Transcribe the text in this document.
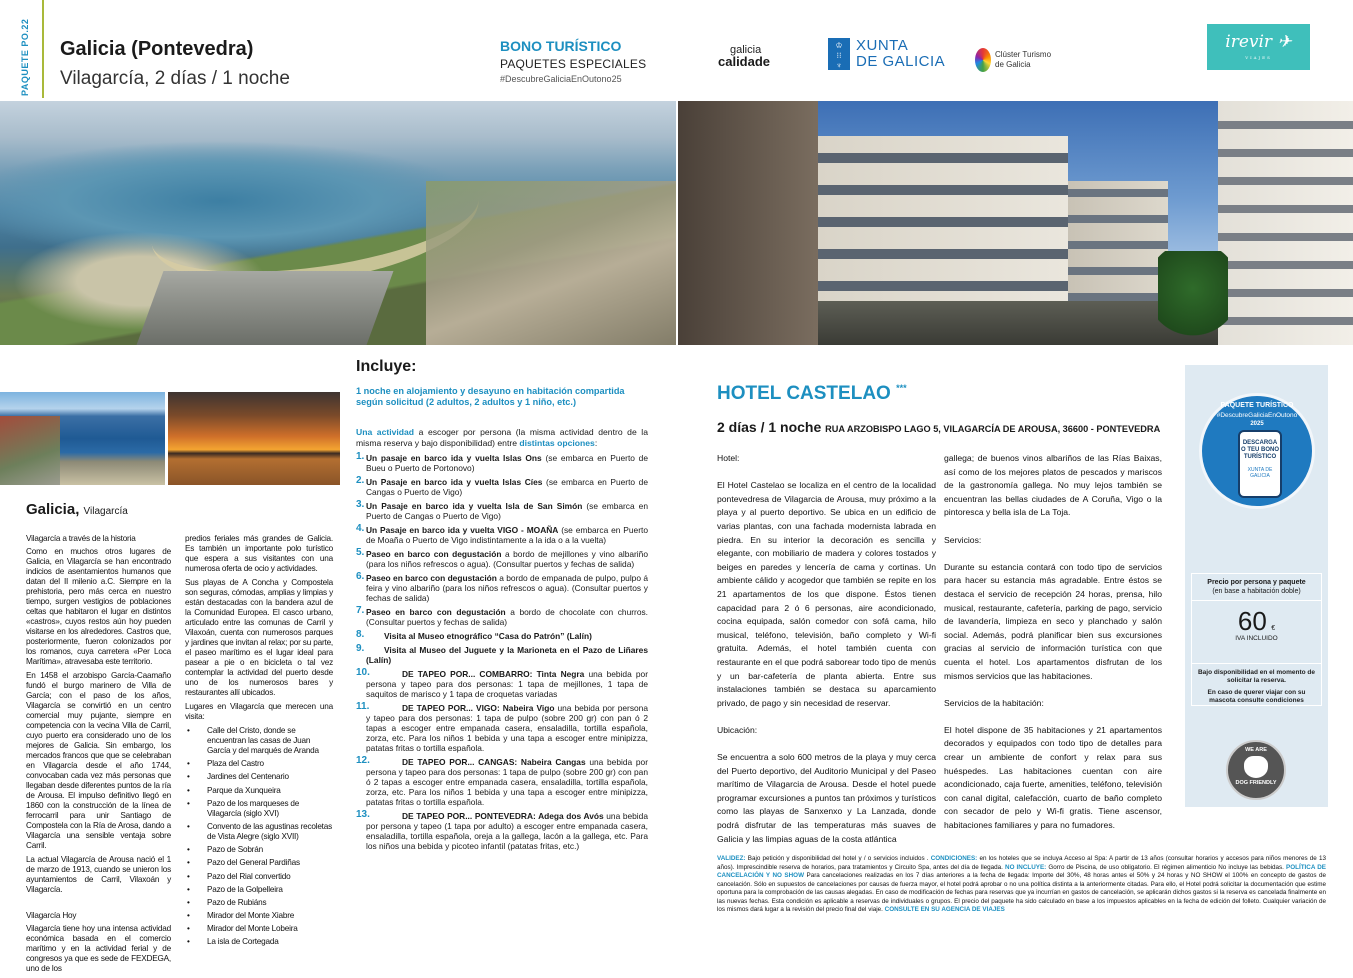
PAQUETE PO.22 Galicia (Pontevedra)
Vilagarcía, 2 días / 1 noche
BONO TURÍSTICO
PAQUETES ESPECIALES
#DescubreGaliciaEnOutono25
galicia
calidade
♔
⁝⁝
♆
XUNTA
DE GALICIA	Clúster Turismo
de Galicia
irevir ✈
VIAJES
Galicia, Vilagarcía

Vilagarcía a través de la historia

Como en muchos otros lugares de Galicia, en Vilagarcía se han encontrado indicios de asentamientos humanos que datan del II milenio a.C. Siempre en la prehistoria, pero más cerca en nuestro tiempo, surgen vestigios de poblaciones celtas que habitaron el lugar en distintos «castros», cuyos restos aún hoy pueden visitarse en los alrededores. Castros que, posteriormente, fueron colonizados por los romanos, cuya carretera «Per Loca Marítima», atravesaba este territorio.

En 1458 el arzobispo García-Caamaño fundó el burgo marinero de Villa de García; con el paso de los años, Vilagarcía se convirtió en un centro comercial muy pujante, siempre en competencia con la vecina Villa de Carril, cuyo puerto era considerado uno de los mejores de Galicia. Sin embargo, los mercados francos que que se celebraban en Vilagarcía desde el año 1744, convocaban cada vez más personas que llegaban desde diferentes puntos de la ría de Arousa. El impulso definitivo llegó en 1860 con la construcción de la línea de ferrocarril para unir Santiago de Compostela con la Ría de Arosa, dando a Vilagarcía una sensible ventaja sobre Carril.

La actual Vilagarcía de Arousa nació el 1 de marzo de 1913, cuando se unieron los ayuntamientos de Carril, Vilaxoán y Vilagarcía.

Vilagarcía Hoy

Vilagarcía tiene hoy una intensa actividad económica basada en el comercio marítimo y en la actividad ferial y de congresos ya que es sede de FEXDEGA, uno de los

predios feriales más grandes de Galicia. Es también un importante polo turístico que espera a sus visitantes con una numerosa oferta de ocio y actividades.

Sus playas de A Concha y Compostela son seguras, cómodas, amplias y limpias y están destacadas con la bandera azul de la Comunidad Europea. El casco urbano, articulado entre las comunas de Carril y Vilaxoán, cuenta con numerosos parques y jardines que invitan al relax; por su parte, el paseo marítimo es el lugar ideal para pasear a pie o en bicicleta o tal vez contemplar la actividad del puerto desde uno de los numerosos bares y restaurantes allí ubicados.

Lugares en Vilagarcía que merecen una visita:

• Calle del Cristo, donde se encuentran las casas de Juan García y del marqués de Aranda
• Plaza del Castro
• Jardines del Centenario
• Parque da Xunqueira
• Pazo de los marqueses de Vilagarcía (siglo XVI)
• Convento de las agustinas recoletas de Vista Alegre (siglo XVII)
• Pazo de Sobrán
• Pazo del General Pardiñas
• Pazo del Rial convertido
• Pazo de la Golpelleira
• Pazo de Rubiáns
• Mirador del Monte Xiabre
• Mirador del Monte Lobeira
• La isla de Cortegada
Incluye:
1 noche en alojamiento y desayuno en habitación compartida según solicitud (2 adultos, 2 adultos y 1 niño, etc.)
Una actividad a escoger por persona (la misma actividad dentro de la misma reserva y bajo disponibilidad) entre distintas opciones:
1. Un pasaje en barco ida y vuelta Islas Ons (se embarca en Puerto de Bueu o Puerto de Portonovo)
2. Un Pasaje en barco ida y vuelta Islas Cíes (se embarca en Puerto de Cangas o Puerto de Vigo)
3. Un Pasaje en barco ida y vuelta Isla de San Simón (se embarca en Puerto de Cangas o Puerto de Vigo)
4. Un Pasaje en barco ida y vuelta VIGO - MOAÑA (se embarca en Puerto de Moaña o Puerto de Vigo indistintamente a la ida o a la vuelta)
5. Paseo en barco con degustación a bordo de mejillones y vino albariño (para los niños refrescos o agua). (Consultar puertos y fechas de salida)
6. Paseo en barco con degustación a bordo de empanada de pulpo, pulpo á feira y vino albariño (para los niños refrescos o agua). (Consultar puertos y fechas de salida)
7. Paseo en barco con degustación a bordo de chocolate con churros. (Consultar puertos y fechas de salida)
8. Visita al Museo etnográfico “Casa do Patrón” (Lalín)
9. Visita al Museo del Juguete y la Marioneta en el Pazo de Liñares (Lalín)
10.	DE TAPEO POR... COMBARRO: Tinta Negra una bebida por persona y tapeo para dos personas: 1 tapa de mejillones, 1 tapa de saquitos de marisco y 1 tapa de croquetas variadas
11.	DE TAPEO POR... VIGO: Nabeira Vigo una bebida por persona y tapeo para dos personas: 1 tapa de pulpo (sobre 200 gr) con pan ó 2 tapas a escoger entre empanada casera, ensaladilla, tortilla española, zorza, etc. Para los niños 1 bebida y una tapa a escoger entre minipizza, patatas fritas o tortilla española.
12.	DE TAPEO POR... CANGAS: Nabeira Cangas una bebida por persona y tapeo para dos personas: 1 tapa de pulpo (sobre 200 gr) con pan ó 2 tapas a escoger entre empanada casera, ensaladilla, tortilla española, zorza, etc. Para los niños 1 bebida y una tapa a escoger entre minipizza, patatas fritas o tortilla española.
13.	DE TAPEO POR... PONTEVEDRA: Adega dos Avós una bebida por persona y tapeo (1 tapa por adulto) a escoger entre empanada casera, ensaladilla, tortilla española, oreja a la gallega, lacón a la gallega, etc. Para los niños una bebida y picoteo infantil (patatas fritas, etc.)
HOTEL CASTELAO ***
2 días / 1 noche RUA ARZOBISPO LAGO 5, VILAGARCÍA DE AROUSA, 36600 - PONTEVEDRA

Hotel:

El Hotel Castelao se localiza en el centro de la localidad pontevedresa de Vilagarcia de Arousa, muy próximo a la playa y al puerto deportivo. Se ubica en un edificio de varias plantas, con una fachada modernista labrada en piedra. En su interior la decoración es sencilla y elegante, con mobiliario de madera y colores tostados y beiges en paredes y lencería de cama y cortinas. Un ambiente cálido y acogedor que también se repite en los 21 apartamentos de los que dispone. Éstos tienen capacidad para 2 ó 6 personas, aire acondicionado, cocina equipada, salón comedor con sofá cama, hilo musical, teléfono, televisión, baño completo y Wi-fi gratuita. Además, el hotel también cuenta con restaurante en el que podrá saborear todo tipo de menús y un bar-cafetería de planta abierta. Entre sus instalaciones también se destaca su aparcamiento privado, de pago y sin necesidad de reservar.

Ubicación:

Se encuentra a solo 600 metros de la playa y muy cerca del Puerto deportivo, del Auditorio Municipal y del Paseo marítimo de Vilagarcia de Arousa. Desde el hotel puede programar excursiones a puntos tan próximos y turísticos como las playas de Sanxenxo y La Lanzada, donde podrá disfrutar de las temperaturas más suaves de Galicia y las limpias aguas de la costa atlántica

gallega; de buenos vinos albariños de las Rías Baixas, así como de los mejores platos de pescados y mariscos de la gastronomía gallega. No muy lejos también se encuentran las bellas ciudades de A Coruña, Vigo o la pintoresca y bella isla de La Toja.

Servicios:

Durante su estancia contará con todo tipo de servicios para hacer su estancia más agradable. Entre éstos se destaca el servicio de recepción 24 horas, prensa, hilo musical, restaurante, cafetería, parking de pago, servicio de lavandería, limpieza en seco y planchado y salón social. Además, podrá planificar bien sus excursiones gracias al servicio de información turística con que cuenta el hotel. Los apartamentos disfrutan de los mismos servicios que las habitaciones.

Servicios de la habitación:

El hotel dispone de 35 habitaciones y 21 apartamentos decorados y equipados con todo tipo de detalles para crear un ambiente de confort y relax para sus huéspedes. Las habitaciones cuentan con aire acondicionado, caja fuerte, amenities, teléfono, televisión con canal digital, calefacción, cuarto de baño completo con secador de pelo y Wi-fi gratis. Tiene ascensor, habitaciones familiares y para no fumadores.

PAQUETE TURÍSTICO
#DescubreGaliciaEnOutono
DESCARGA O TEU BONO TURÍSTICO
XUNTA DE GALICIA
2025
Precio por persona y paquete
(en base a habitación doble)
60 €
IVA INCLUIDO

Bajo disponibilidad en el momento de solicitar la reserva.

En caso de querer viajar con su mascota consulte condiciones

WE ARE
DOG FRIENDLY
VALIDEZ: Bajo petición y disponibilidad del hotel y / o servicios incluidos . CONDICIONES: en los hoteles que se incluya Acceso al Spa: A partir de 13 años (consultar horarios y accesos para niños menores de 13 años). Imprescindible reserva de horarios, para tratamientos y Circuito Spa, antes del día de llegada. NO INCLUYE: Gorro de Piscina, de uso obligatorio. El régimen alimenticio No incluye las bebidas. POLÍTICA DE CANCELACIÓN Y NO SHOW Para cancelaciones realizadas en los 7 días anteriores a la fecha de llegada: Importe del 30%, 48 horas antes el 50% y 24 horas y NO SHOW el 100% en concepto de gastos de cancelación. Sólo en supuestos de cancelaciones por causas de fuerza mayor, el hotel podrá aprobar o no una política distinta a la anteriormente citadas. Para ello, el Hotel podrá solicitar la documentación que estime oportuna para la comprobación de las causas alegadas. En caso de modificación de fechas para reservas que ya incurrían en gastos de cancelación, se aplicarán dichos gastos si la reserva es cancelada finalmente en las nuevas fechas. Esta condición es aplicable a reservas de individuales o grupos. El precio del paquete ha sido calculado en base a los impuestos aplicables en la fecha de edición del folleto. Cualquier variación de los mismos dará lugar a la revisión del precio final del viaje. CONSULTE EN SU AGENCIA DE VIAJES
